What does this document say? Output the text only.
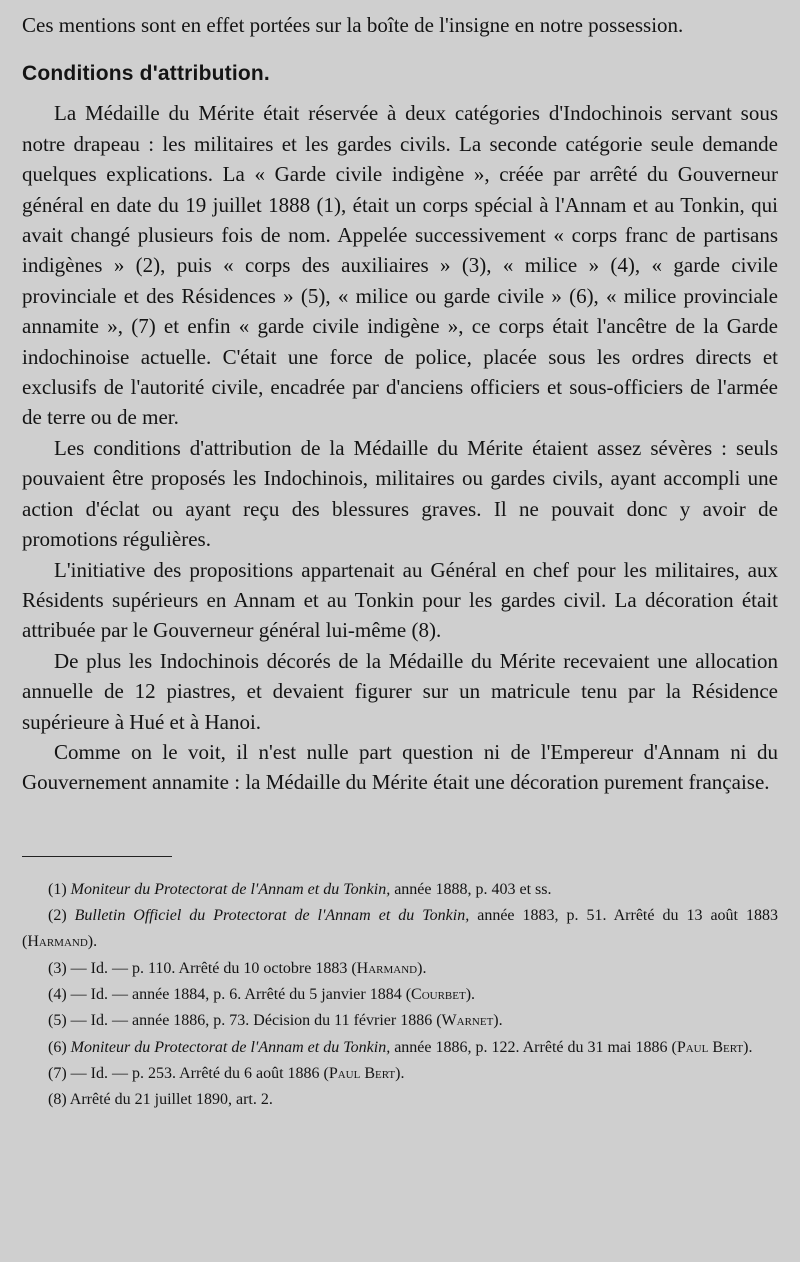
Ces mentions sont en effet portées sur la boîte de l'insigne en notre possession.

Conditions d'attribution.

La Médaille du Mérite était réservée à deux catégories d'Indochinois servant sous notre drapeau : les militaires et les gardes civils. La seconde catégorie seule demande quelques explications. La « Garde civile indigène », créée par arrêté du Gouverneur général en date du 19 juillet 1888 (1), était un corps spécial à l'Annam et au Tonkin, qui avait changé plusieurs fois de nom. Appelée successivement « corps franc de partisans indigènes » (2), puis « corps des auxiliaires » (3), « milice » (4), « garde civile provinciale et des Résidences » (5), « milice ou garde civile » (6), « milice provinciale annamite », (7) et enfin « garde civile indigène », ce corps était l'ancêtre de la Garde indochinoise actuelle. C'était une force de police, placée sous les ordres directs et exclusifs de l'autorité civile, encadrée par d'anciens officiers et sous-officiers de l'armée de terre ou de mer.

Les conditions d'attribution de la Médaille du Mérite étaient assez sévères : seuls pouvaient être proposés les Indochinois, militaires ou gardes civils, ayant accompli une action d'éclat ou ayant reçu des blessures graves. Il ne pouvait donc y avoir de promotions régulières.

L'initiative des propositions appartenait au Général en chef pour les militaires, aux Résidents supérieurs en Annam et au Tonkin pour les gardes civil. La décoration était attribuée par le Gouverneur général lui-même (8).

De plus les Indochinois décorés de la Médaille du Mérite recevaient une allocation annuelle de 12 piastres, et devaient figurer sur un matricule tenu par la Résidence supérieure à Hué et à Hanoi.

Comme on le voit, il n'est nulle part question ni de l'Empereur d'Annam ni du Gouvernement annamite : la Médaille du Mérite était une décoration purement française.

(1) Moniteur du Protectorat de l'Annam et du Tonkin, année 1888, p. 403 et ss.

(2) Bulletin Officiel du Protectorat de l'Annam et du Tonkin, année 1883, p. 51. Arrêté du 13 août 1883 (Harmand).

(3) — Id. — p. 110. Arrêté du 10 octobre 1883 (Harmand).

(4) — Id. — année 1884, p. 6. Arrêté du 5 janvier 1884 (Courbet).

(5) — Id. — année 1886, p. 73. Décision du 11 février 1886 (Warnet).

(6) Moniteur du Protectorat de l'Annam et du Tonkin, année 1886, p. 122. Arrêté du 31 mai 1886 (Paul Bert).

(7) — Id. — p. 253. Arrêté du 6 août 1886 (Paul Bert).

(8) Arrêté du 21 juillet 1890, art. 2.
